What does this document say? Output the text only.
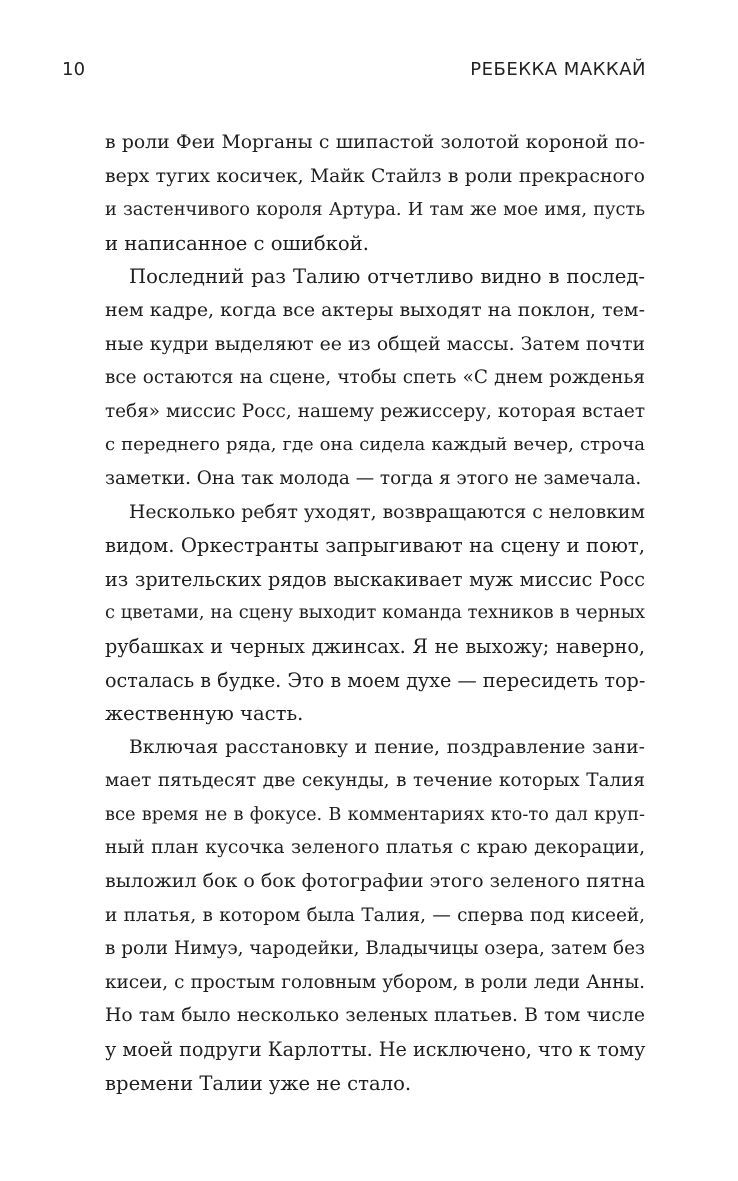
10	РЕБЕККА МАККАЙ

в роли Феи Морганы с шипастой золотой короной по-
верх тугих косичек, Майк Стайлз в роли прекрасного
и застенчивого короля Артура. И там же мое имя, пусть
и написанное с ошибкой.

Последний раз Талию отчетливо видно в послед-
нем кадре, когда все актеры выходят на поклон, тем-
ные кудри выделяют ее из общей массы. Затем почти
все остаются на сцене, чтобы спеть «С днем рожденья
тебя» миссис Росс, нашему режиссеру, которая встает
с переднего ряда, где она сидела каждый вечер, строча
заметки. Она так молода — тогда я этого не замечала.

Несколько ребят уходят, возвращаются с неловким
видом. Оркестранты запрыгивают на сцену и поют,
из зрительских рядов выскакивает муж миссис Росс
с цветами, на сцену выходит команда техников в черных
рубашках и черных джинсах. Я не выхожу; наверно,
осталась в будке. Это в моем духе — пересидеть тор-
жественную часть.

Включая расстановку и пение, поздравление зани-
мает пятьдесят две секунды, в течение которых Талия
все время не в фокусе. В комментариях кто-то дал круп-
ный план кусочка зеленого платья с краю декорации,
выложил бок о бок фотографии этого зеленого пятна
и платья, в котором была Талия, — сперва под кисеей,
в роли Нимуэ, чародейки, Владычицы озера, затем без
кисеи, с простым головным убором, в роли леди Анны.
Но там было несколько зеленых платьев. В том числе
у моей подруги Карлотты. Не исключено, что к тому
времени Талии уже не стало.
